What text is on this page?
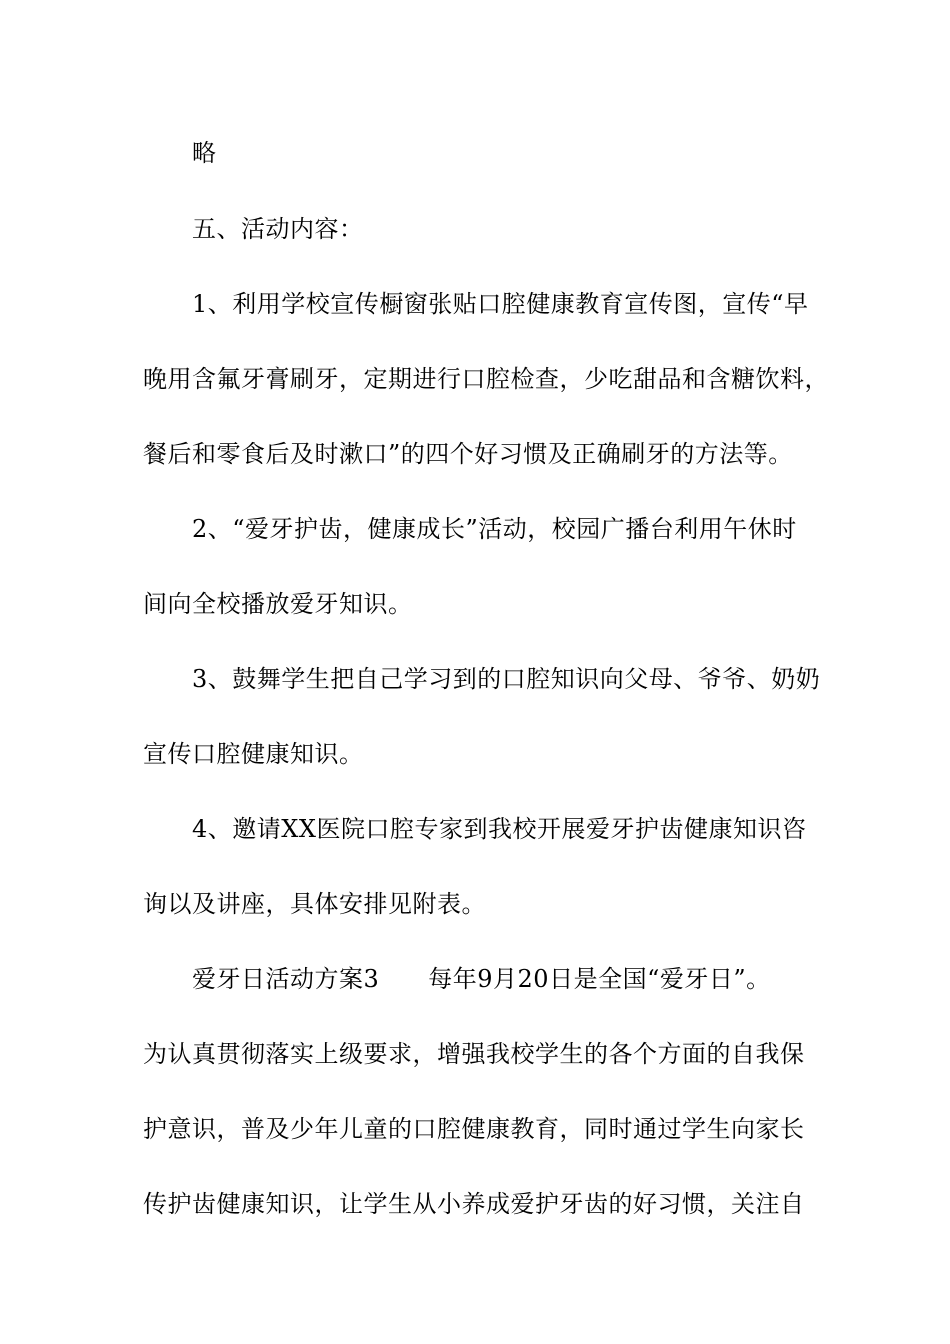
略
五、活动内容：
1、利用学校宣传橱窗张贴口腔健康教育宣传图，宣传“早
晚用含氟牙膏刷牙，定期进行口腔检查，少吃甜品和含糖饮料，
餐后和零食后及时漱口”的四个好习惯及正确刷牙的方法等。
2、“爱牙护齿，健康成长”活动，校园广播台利用午休时
间向全校播放爱牙知识。
3、鼓舞学生把自己学习到的口腔知识向父母、爷爷、奶奶
宣传口腔健康知识。
4、邀请XX医院口腔专家到我校开展爱牙护齿健康知识咨
询以及讲座，具体安排见附表。
爱牙日活动方案3　　每年9月20日是全国“爱牙日”。
为认真贯彻落实上级要求，增强我校学生的各个方面的自我保
护意识，普及少年儿童的口腔健康教育，同时通过学生向家长
传护齿健康知识，让学生从小养成爱护牙齿的好习惯，关注自
